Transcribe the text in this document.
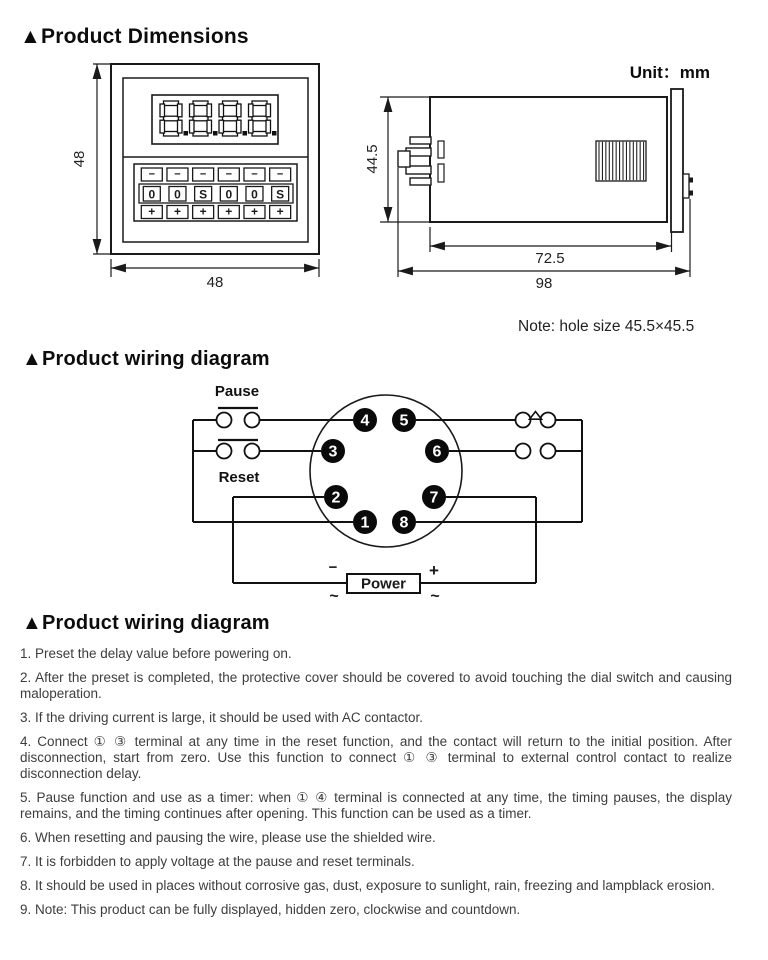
▲Product Dimensions
−
0
+
−
0
+
−
S
+
−
0
+
−
0
+
−
S
+
48
48
44.5
72.5
98
Unit：mm
Note: hole size 45.5×45.5
▲Product wiring diagram
Pause
Reset
1
2
3
4 5
6
7
8
Power
−	+
~	~
▲Product wiring diagram

1. Preset the delay value before powering on.

2. After the preset is completed, the protective cover should be covered to avoid touching the dial switch and causing maloperation.

3. If the driving current is large, it should be used with AC contactor.

4. Connect ① ③ terminal at any time in the reset function, and the contact will return to the initial position. After disconnection, start from zero. Use this function to connect ① ③ terminal to external control contact to realize disconnection delay.

5. Pause function and use as a timer: when ① ④ terminal is connected at any time, the timing pauses, the display remains, and the timing continues after opening. This function can be used as a timer.

6. When resetting and pausing the wire, please use the shielded wire.

7. It is forbidden to apply voltage at the pause and reset terminals.

8. It should be used in places without corrosive gas, dust, exposure to sunlight, rain, freezing and lampblack erosion.

9. Note: This product can be fully displayed, hidden zero, clockwise and countdown.
